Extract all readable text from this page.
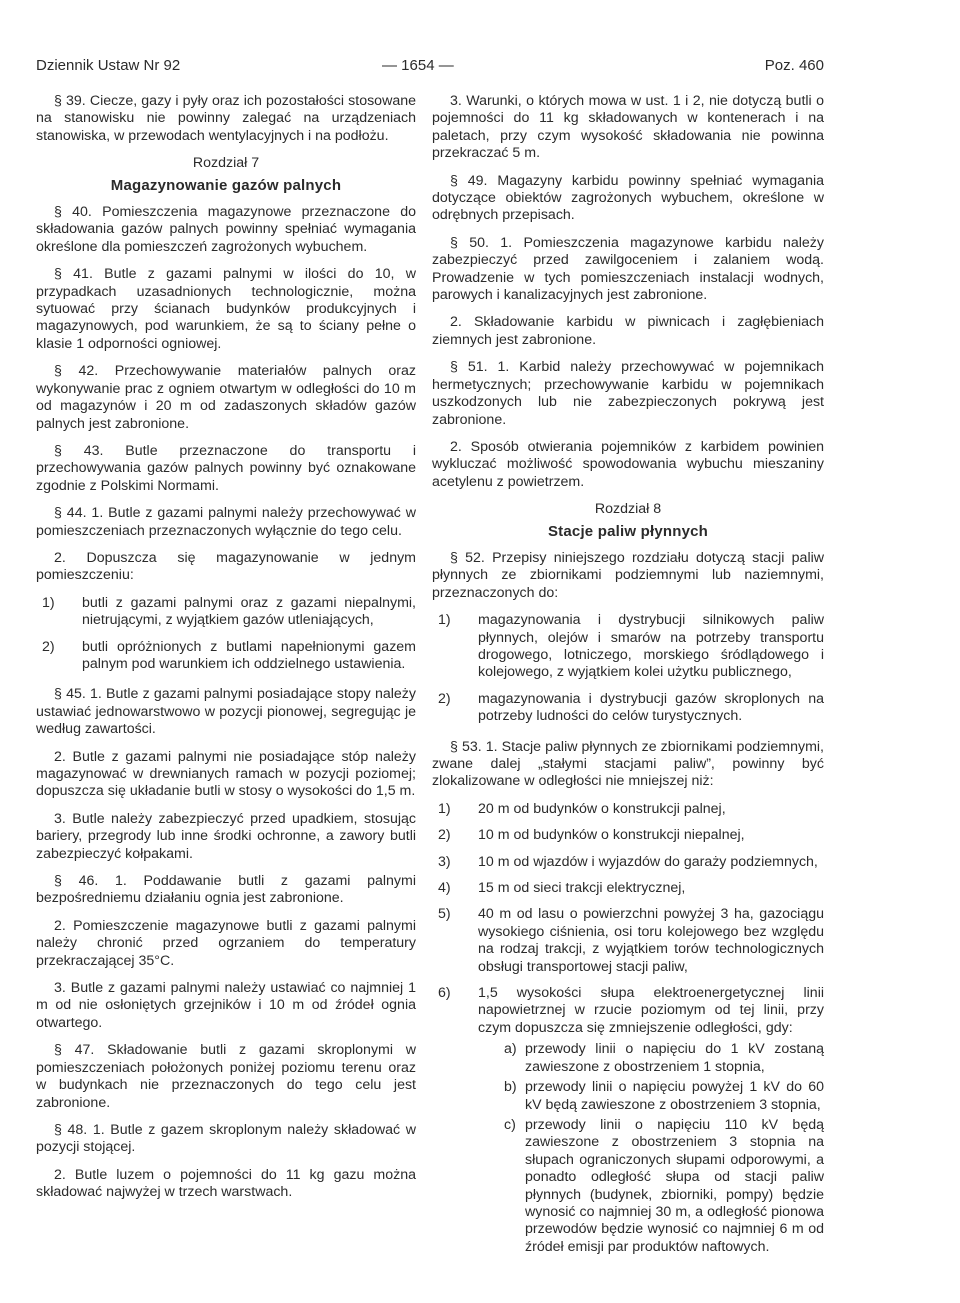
Dziennik Ustaw Nr 92	— 1654 —	Poz. 460

§ 39. Ciecze, gazy i pyły oraz ich pozostałości stosowane na stanowisku nie powinny zalegać na urządzeniach stanowiska, w przewodach wentylacyjnych i na podłożu.

Rozdział 7
Magazynowanie gazów palnych

§ 40. Pomieszczenia magazynowe przeznaczone do składowania gazów palnych powinny spełniać wymagania określone dla pomieszczeń zagrożonych wybuchem.

§ 41. Butle z gazami palnymi w ilości do 10, w przypadkach uzasadnionych technologicznie, można sytuować przy ścianach budynków produkcyjnych i magazynowych, pod warunkiem, że są to ściany pełne o klasie 1 odporności ogniowej.

§ 42. Przechowywanie materiałów palnych oraz wykonywanie prac z ogniem otwartym w odległości do 10 m od magazynów i 20 m od zadaszonych składów gazów palnych jest zabronione.

§ 43. Butle przeznaczone do transportu i przechowywania gazów palnych powinny być oznakowane zgodnie z Polskimi Normami.

§ 44. 1. Butle z gazami palnymi należy przechowywać w pomieszczeniach przeznaczonych wyłącznie do tego celu.

2. Dopuszcza się magazynowanie w jednym pomieszczeniu:

1) butli z gazami palnymi oraz z gazami niepalnymi, nietrującymi, z wyjątkiem gazów utleniających,
2) butli opróżnionych z butlami napełnionymi gazem palnym pod warunkiem ich oddzielnego ustawienia.

§ 45. 1. Butle z gazami palnymi posiadające stopy należy ustawiać jednowarstwowo w pozycji pionowej, segregując je według zawartości.

2. Butle z gazami palnymi nie posiadające stóp należy magazynować w drewnianych ramach w pozycji poziomej; dopuszcza się układanie butli w stosy o wysokości do 1,5 m.

3. Butle należy zabezpieczyć przed upadkiem, stosując bariery, przegrody lub inne środki ochronne, a zawory butli zabezpieczyć kołpakami.

§ 46. 1. Poddawanie butli z gazami palnymi bezpośredniemu działaniu ognia jest zabronione.

2. Pomieszczenie magazynowe butli z gazami palnymi należy chronić przed ogrzaniem do temperatury przekraczającej 35°C.

3. Butle z gazami palnymi należy ustawiać co najmniej 1 m od nie osłoniętych grzejników i 10 m od źródeł ognia otwartego.

§ 47. Składowanie butli z gazami skroplonymi w pomieszczeniach położonych poniżej poziomu terenu oraz w budynkach nie przeznaczonych do tego celu jest zabronione.

§ 48. 1. Butle z gazem skroplonym należy składować w pozycji stojącej.

2. Butle luzem o pojemności do 11 kg gazu można składować najwyżej w trzech warstwach.

3. Warunki, o których mowa w ust. 1 i 2, nie dotyczą butli o pojemności do 11 kg składowanych w kontenerach i na paletach, przy czym wysokość składowania nie powinna przekraczać 5 m.

§ 49. Magazyny karbidu powinny spełniać wymagania dotyczące obiektów zagrożonych wybuchem, określone w odrębnych przepisach.

§ 50. 1. Pomieszczenia magazynowe karbidu należy zabezpieczyć przed zawilgoceniem i zalaniem wodą. Prowadzenie w tych pomieszczeniach instalacji wodnych, parowych i kanalizacyjnych jest zabronione.

2. Składowanie karbidu w piwnicach i zagłębieniach ziemnych jest zabronione.

§ 51. 1. Karbid należy przechowywać w pojemnikach hermetycznych; przechowywanie karbidu w pojemnikach uszkodzonych lub nie zabezpieczonych pokrywą jest zabronione.

2. Sposób otwierania pojemników z karbidem powinien wykluczać możliwość spowodowania wybuchu mieszaniny acetylenu z powietrzem.

Rozdział 8
Stacje paliw płynnych

§ 52. Przepisy niniejszego rozdziału dotyczą stacji paliw płynnych ze zbiornikami podziemnymi lub naziemnymi, przeznaczonych do:

1) magazynowania i dystrybucji silnikowych paliw płynnych, olejów i smarów na potrzeby transportu drogowego, lotniczego, morskiego śródlądowego i kolejowego, z wyjątkiem kolei użytku publicznego,
2) magazynowania i dystrybucji gazów skroplonych na potrzeby ludności do celów turystycznych.

§ 53. 1. Stacje paliw płynnych ze zbiornikami podziemnymi, zwane dalej „stałymi stacjami paliw”, powinny być zlokalizowane w odległości nie mniejszej niż:

1) 20 m od budynków o konstrukcji palnej,
2) 10 m od budynków o konstrukcji niepalnej,
3) 10 m od wjazdów i wyjazdów do garaży podziemnych,
4) 15 m od sieci trakcji elektrycznej,
5) 40 m od lasu o powierzchni powyżej 3 ha, gazociągu wysokiego ciśnienia, osi toru kolejowego bez względu na rodzaj trakcji, z wyjątkiem torów technologicznych obsługi transportowej stacji paliw,
6) 1,5 wysokości słupa elektroenergetycznej linii napowietrznej w rzucie poziomym od tej linii, przy czym dopuszcza się zmniejszenie odległości, gdy:
a) przewody linii o napięciu do 1 kV zostaną zawieszone z obostrzeniem 1 stopnia,
b) przewody linii o napięciu powyżej 1 kV do 60 kV będą zawieszone z obostrzeniem 3 stopnia,
c) przewody linii o napięciu 110 kV będą zawieszone z obostrzeniem 3 stopnia na słupach ograniczonych słupami odporowymi, a ponadto odległość słupa od stacji paliw płynnych (budynek, zbiorniki, pompy) będzie wynosić co najmniej 30 m, a odległość pionowa przewodów będzie wynosić co najmniej 6 m od źródeł emisji par produktów naftowych.
